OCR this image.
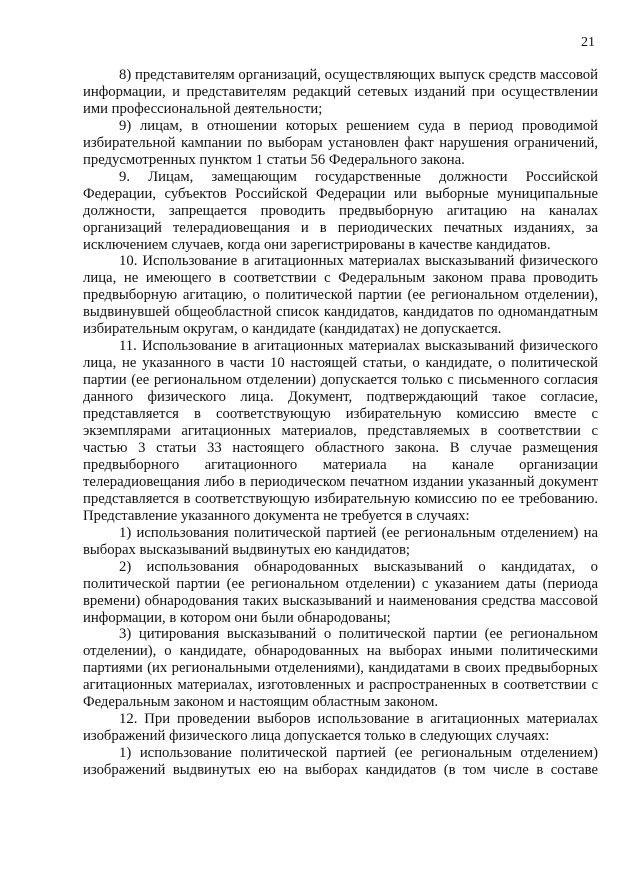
21

8) представителям организаций, осуществляющих выпуск средств массовой информации, и представителям редакций сетевых изданий при осуществлении ими профессиональной деятельности;

9) лицам, в отношении которых решением суда в период проводимой избирательной кампании по выборам установлен факт нарушения ограничений, предусмотренных пунктом 1 статьи 56 Федерального закона.

9. Лицам, замещающим государственные должности Российской Федерации, субъектов Российской Федерации или выборные муниципальные должности, запрещается проводить предвыборную агитацию на каналах организаций телерадиовещания и в периодических печатных изданиях, за исключением случаев, когда они зарегистрированы в качестве кандидатов.

10. Использование в агитационных материалах высказываний физического лица, не имеющего в соответствии с Федеральным законом права проводить предвыборную агитацию, о политической партии (ее региональном отделении), выдвинувшей общеобластной список кандидатов, кандидатов по одномандатным избирательным округам, о кандидате (кандидатах) не допускается.

11. Использование в агитационных материалах высказываний физического лица, не указанного в части 10 настоящей статьи, о кандидате, о политической партии (ее региональном отделении) допускается только с письменного согласия данного физического лица. Документ, подтверждающий такое согласие, представляется в соответствующую избирательную комиссию вместе с экземплярами агитационных материалов, представляемых в соответствии с частью 3 статьи 33 настоящего областного закона. В случае размещения предвыборного агитационного материала на канале организации телерадиовещания либо в периодическом печатном издании указанный документ представляется в соответствующую избирательную комиссию по ее требованию. Представление указанного документа не требуется в случаях:

1) использования политической партией (ее региональным отделением) на выборах высказываний выдвинутых ею кандидатов;

2) использования обнародованных высказываний о кандидатах, о политической партии (ее региональном отделении) с указанием даты (периода времени) обнародования таких высказываний и наименования средства массовой информации, в котором они были обнародованы;

3) цитирования высказываний о политической партии (ее региональном отделении), о кандидате, обнародованных на выборах иными политическими партиями (их региональными отделениями), кандидатами в своих предвыборных агитационных материалах, изготовленных и распространенных в соответствии с Федеральным законом и настоящим областным законом.

12. При проведении выборов использование в агитационных материалах изображений физического лица допускается только в следующих случаях:

1) использование политической партией (ее региональным отделением) изображений выдвинутых ею на выборах кандидатов (в том числе в составе
